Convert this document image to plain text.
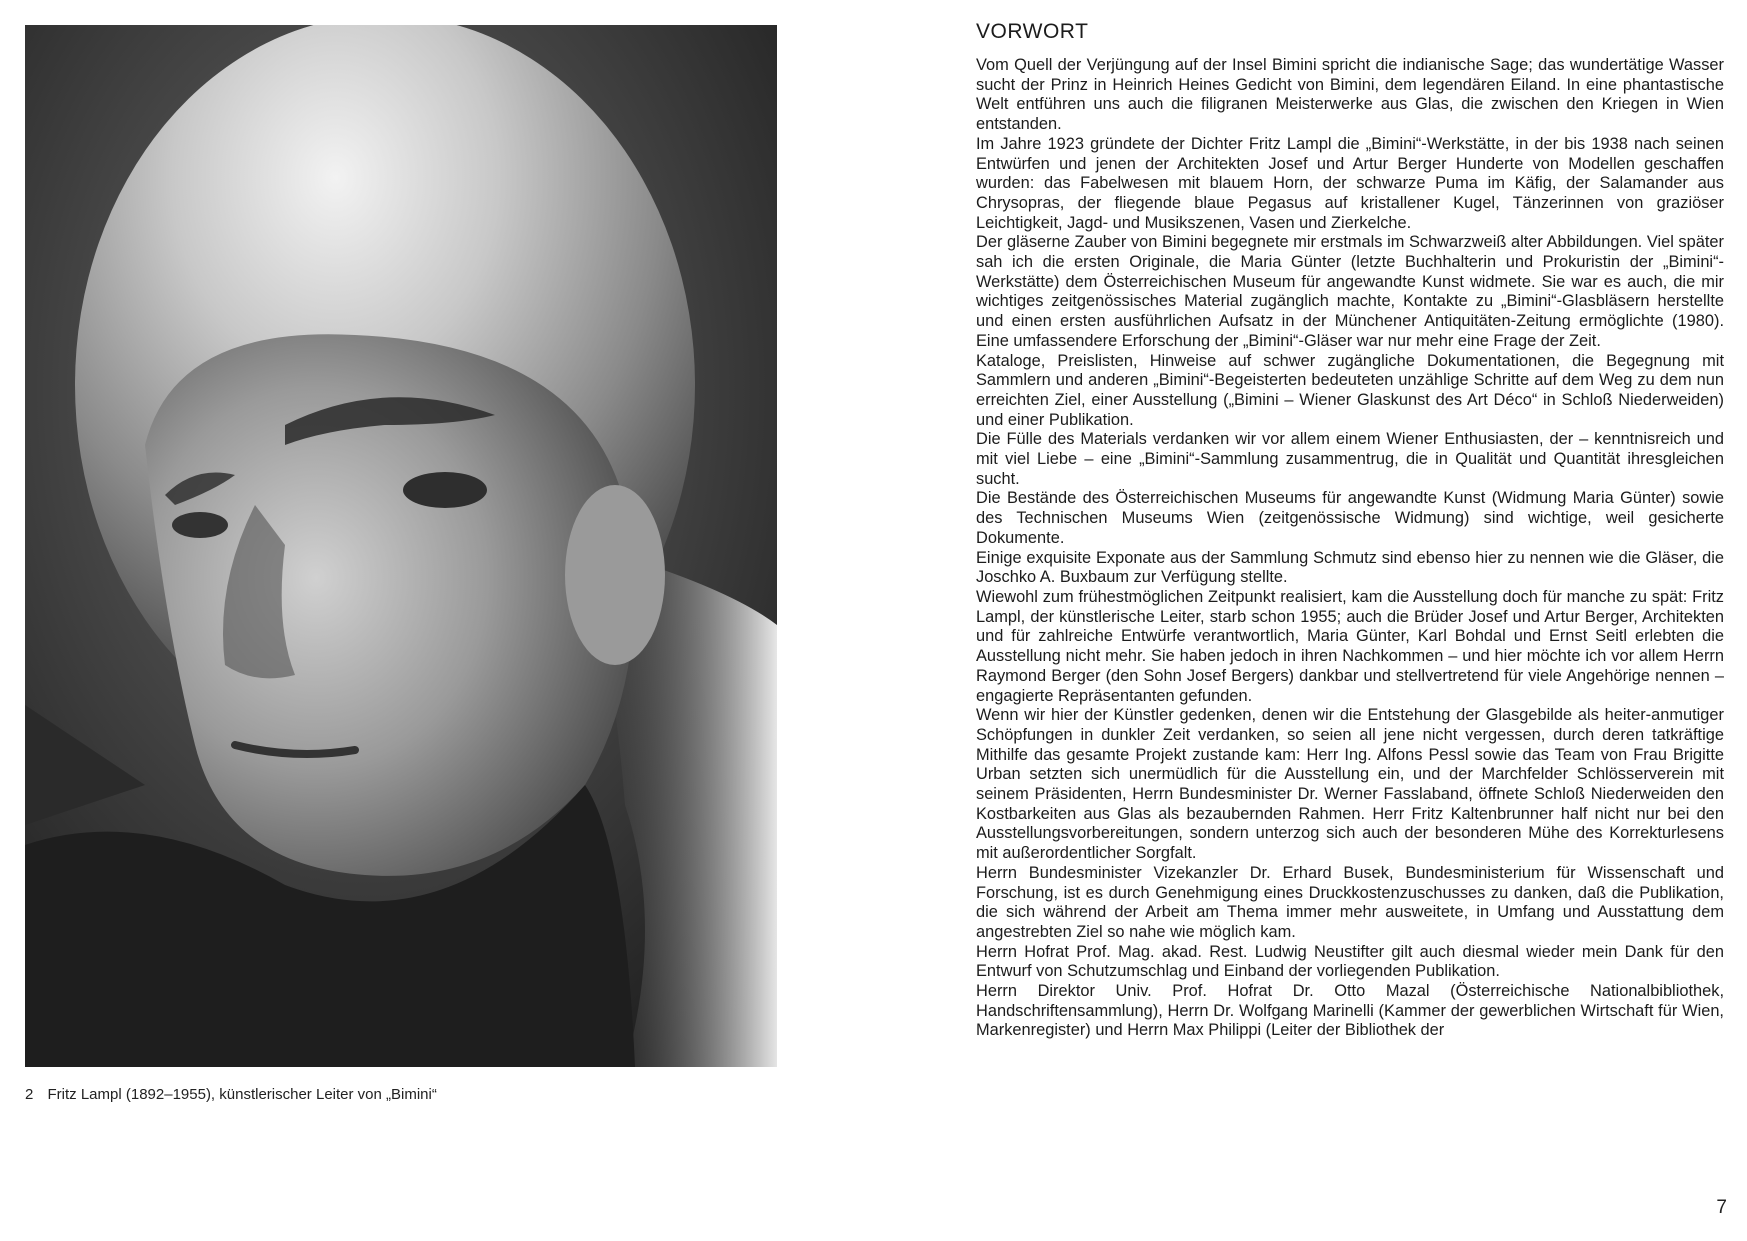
2 Fritz Lampl (1892–1955), künstlerischer Leiter von „Bimini“
VORWORT

Vom Quell der Verjüngung auf der Insel Bimini spricht die indianische Sage; das wundertätige Wasser sucht der Prinz in Heinrich Heines Gedicht von Bimini, dem legendären Eiland. In eine phantastische Welt entführen uns auch die filigranen Meisterwerke aus Glas, die zwischen den Kriegen in Wien entstanden.

Im Jahre 1923 gründete der Dichter Fritz Lampl die „Bimini“-Werkstätte, in der bis 1938 nach seinen Entwürfen und jenen der Architekten Josef und Artur Berger Hunderte von Modellen geschaffen wurden: das Fabelwesen mit blauem Horn, der schwarze Puma im Käfig, der Salamander aus Chrysopras, der fliegende blaue Pegasus auf kristallener Kugel, Tänzerinnen von graziöser Leichtigkeit, Jagd- und Musikszenen, Vasen und Zierkelche.

Der gläserne Zauber von Bimini begegnete mir erstmals im Schwarzweiß alter Abbildungen. Viel später sah ich die ersten Originale, die Maria Günter (letzte Buchhalterin und Prokuristin der „Bimini“-Werkstätte) dem Österreichischen Museum für angewandte Kunst widmete. Sie war es auch, die mir wichtiges zeitgenössisches Material zugänglich machte, Kontakte zu „Bimini“-Glasbläsern herstellte und einen ersten ausführlichen Aufsatz in der Münchener Antiquitäten-Zeitung ermöglichte (1980). Eine umfassendere Erforschung der „Bimini“-Gläser war nur mehr eine Frage der Zeit.

Kataloge, Preislisten, Hinweise auf schwer zugängliche Dokumentationen, die Begegnung mit Sammlern und anderen „Bimini“-Begeisterten bedeuteten unzählige Schritte auf dem Weg zu dem nun erreichten Ziel, einer Ausstellung („Bimini – Wiener Glaskunst des Art Déco“ in Schloß Niederweiden) und einer Publikation.

Die Fülle des Materials verdanken wir vor allem einem Wiener Enthusiasten, der – kenntnisreich und mit viel Liebe – eine „Bimini“-Sammlung zusammentrug, die in Qualität und Quantität ihresgleichen sucht.

Die Bestände des Österreichischen Museums für angewandte Kunst (Widmung Maria Günter) sowie des Technischen Museums Wien (zeitgenössische Widmung) sind wichtige, weil gesicherte Dokumente.

Einige exquisite Exponate aus der Sammlung Schmutz sind ebenso hier zu nennen wie die Gläser, die Joschko A. Buxbaum zur Verfügung stellte.

Wiewohl zum frühestmöglichen Zeitpunkt realisiert, kam die Ausstellung doch für manche zu spät: Fritz Lampl, der künstlerische Leiter, starb schon 1955; auch die Brüder Josef und Artur Berger, Architekten und für zahlreiche Entwürfe verantwortlich, Maria Günter, Karl Bohdal und Ernst Seitl erlebten die Ausstellung nicht mehr. Sie haben jedoch in ihren Nachkommen – und hier möchte ich vor allem Herrn Raymond Berger (den Sohn Josef Bergers) dankbar und stellvertretend für viele Angehörige nennen – engagierte Repräsentanten gefunden.

Wenn wir hier der Künstler gedenken, denen wir die Entstehung der Glasgebilde als heiter-anmutiger Schöpfungen in dunkler Zeit verdanken, so seien all jene nicht vergessen, durch deren tatkräftige Mithilfe das gesamte Projekt zustande kam: Herr Ing. Alfons Pessl sowie das Team von Frau Brigitte Urban setzten sich unermüdlich für die Ausstellung ein, und der Marchfelder Schlösserverein mit seinem Präsidenten, Herrn Bundesminister Dr. Werner Fasslaband, öffnete Schloß Niederweiden den Kostbarkeiten aus Glas als bezaubernden Rahmen. Herr Fritz Kaltenbrunner half nicht nur bei den Ausstellungsvorbereitungen, sondern unterzog sich auch der besonderen Mühe des Korrekturlesens mit außerordentlicher Sorgfalt.

Herrn Bundesminister Vizekanzler Dr. Erhard Busek, Bundesministerium für Wissenschaft und Forschung, ist es durch Genehmigung eines Druckkostenzuschusses zu danken, daß die Publikation, die sich während der Arbeit am Thema immer mehr ausweitete, in Umfang und Ausstattung dem angestrebten Ziel so nahe wie möglich kam.

Herrn Hofrat Prof. Mag. akad. Rest. Ludwig Neustifter gilt auch diesmal wieder mein Dank für den Entwurf von Schutzumschlag und Einband der vorliegenden Publikation.

Herrn Direktor Univ. Prof. Hofrat Dr. Otto Mazal (Österreichische Nationalbibliothek, Handschriftensammlung), Herrn Dr. Wolfgang Marinelli (Kammer der gewerblichen Wirtschaft für Wien, Markenregister) und Herrn Max Philippi (Leiter der Bibliothek der

7
